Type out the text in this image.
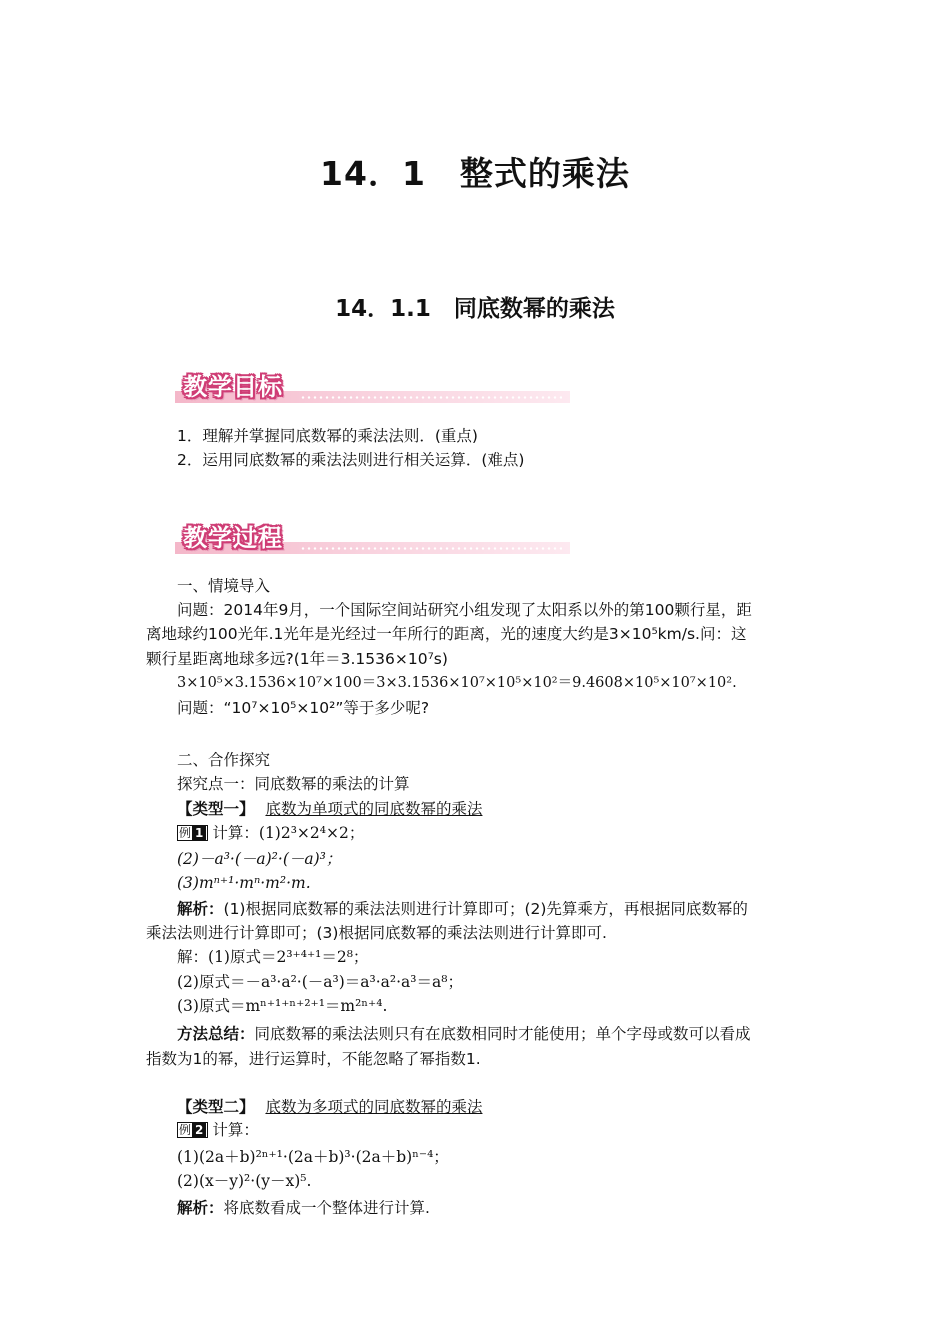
14．1　整式的乘法
14．1.1　同底数幂的乘法
教学目标
1．理解并掌握同底数幂的乘法法则．(重点)
2．运用同底数幂的乘法法则进行相关运算．(难点)
教学过程
一、情境导入
问题：2014年9月，一个国际空间站研究小组发现了太阳系以外的第100颗行星，距
离地球约100光年.1光年是光经过一年所行的距离，光的速度大约是3×10⁵km/s.问：这
颗行星距离地球多远?(1年＝3.1536×10⁷s)
3×10⁵×3.1536×10⁷×100＝3×3.1536×10⁷×10⁵×10²＝9.4608×10⁵×10⁷×10².
问题：“10⁷×10⁵×10²”等于多少呢?
二、合作探究
探究点一：同底数幂的乘法的计算
【类型一】 底数为单项式的同底数幂的乘法
例 1 计算：(1)2³×2⁴×2；
(2)－a³·(－a)²·(－a)³；
(3)mⁿ⁺¹·mⁿ·m²·m.
解析：(1)根据同底数幂的乘法法则进行计算即可；(2)先算乘方，再根据同底数幂的
乘法法则进行计算即可；(3)根据同底数幂的乘法法则进行计算即可.
解：(1)原式＝2³⁺⁴⁺¹＝2⁸；
(2)原式＝－a³·a²·(－a³)＝a³·a²·a³＝a⁸；
(3)原式＝mⁿ⁺¹⁺ⁿ⁺²⁺¹＝m²ⁿ⁺⁴.
方法总结：同底数幂的乘法法则只有在底数相同时才能使用；单个字母或数可以看成
指数为1的幂，进行运算时，不能忽略了幂指数1.
【类型二】 底数为多项式的同底数幂的乘法
例 2 计算：
(1)(2a＋b)²ⁿ⁺¹·(2a＋b)³·(2a＋b)ⁿ⁻⁴；
(2)(x－y)²·(y－x)⁵.
解析：将底数看成一个整体进行计算.
